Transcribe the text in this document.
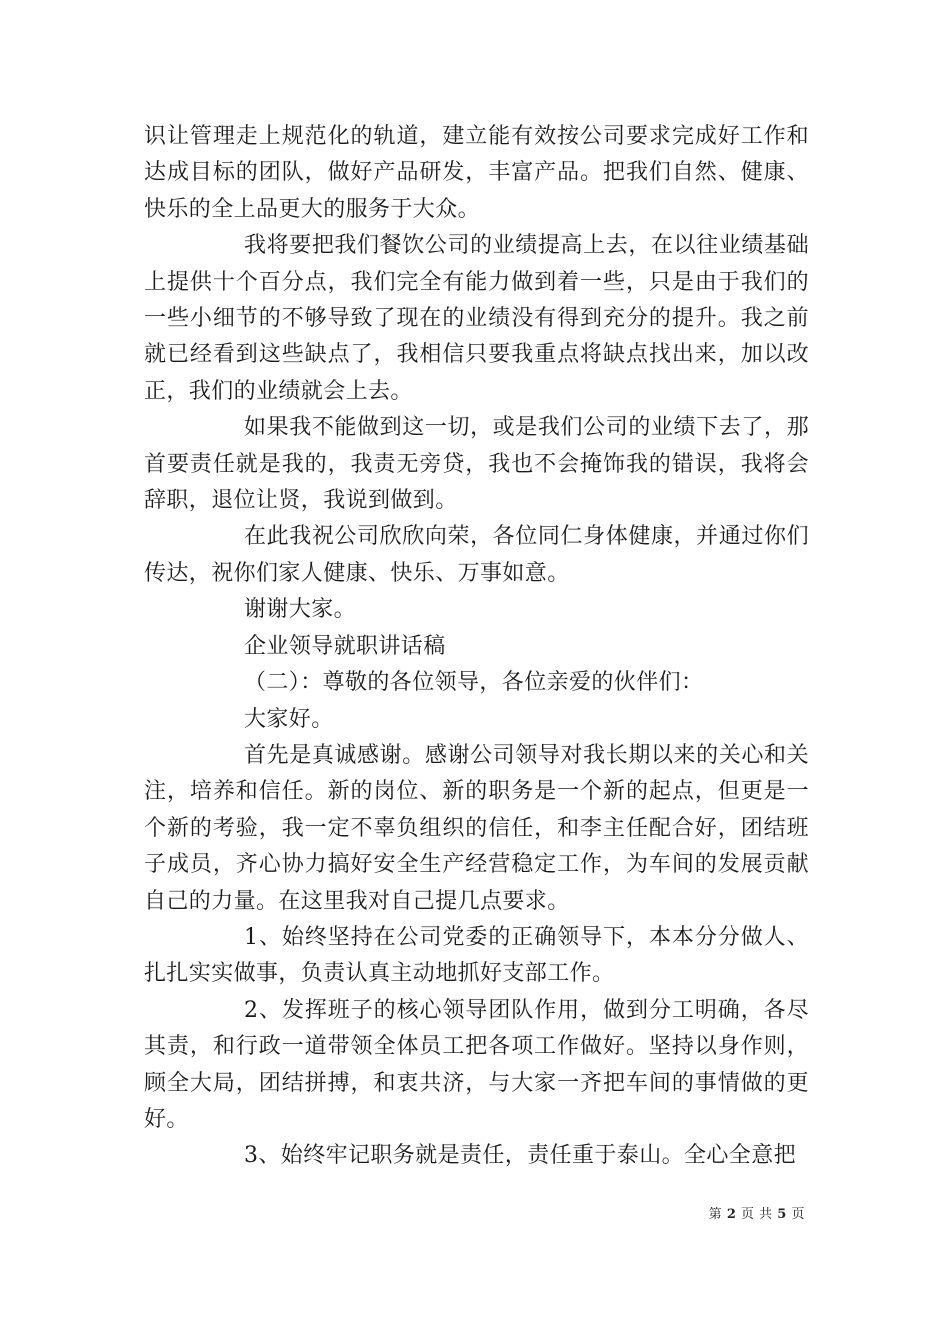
识让管理走上规范化的轨道，建立能有效按公司要求完成好工作和达成目标的团队，做好产品研发，丰富产品。把我们自然、健康、快乐的全上品更大的服务于大众。

我将要把我们餐饮公司的业绩提高上去，在以往业绩基础上提供十个百分点，我们完全有能力做到着一些，只是由于我们的一些小细节的不够导致了现在的业绩没有得到充分的提升。我之前就已经看到这些缺点了，我相信只要我重点将缺点找出来，加以改正，我们的业绩就会上去。

如果我不能做到这一切，或是我们公司的业绩下去了，那首要责任就是我的，我责无旁贷，我也不会掩饰我的错误，我将会辞职，退位让贤，我说到做到。

在此我祝公司欣欣向荣，各位同仁身体健康，并通过你们传达，祝你们家人健康、快乐、万事如意。

谢谢大家。

企业领导就职讲话稿

（二）：尊敬的各位领导，各位亲爱的伙伴们：

大家好。

首先是真诚感谢。感谢公司领导对我长期以来的关心和关注，培养和信任。新的岗位、新的职务是一个新的起点，但更是一个新的考验，我一定不辜负组织的信任，和李主任配合好，团结班子成员，齐心协力搞好安全生产经营稳定工作，为车间的发展贡献自己的力量。在这里我对自己提几点要求。

1、始终坚持在公司党委的正确领导下，本本分分做人、扎扎实实做事，负责认真主动地抓好支部工作。

2、发挥班子的核心领导团队作用，做到分工明确，各尽其责，和行政一道带领全体员工把各项工作做好。坚持以身作则，顾全大局，团结拼搏，和衷共济，与大家一齐把车间的事情做的更好。

3、始终牢记职务就是责任，责任重于泰山。全心全意把

第 2 页 共 5 页
